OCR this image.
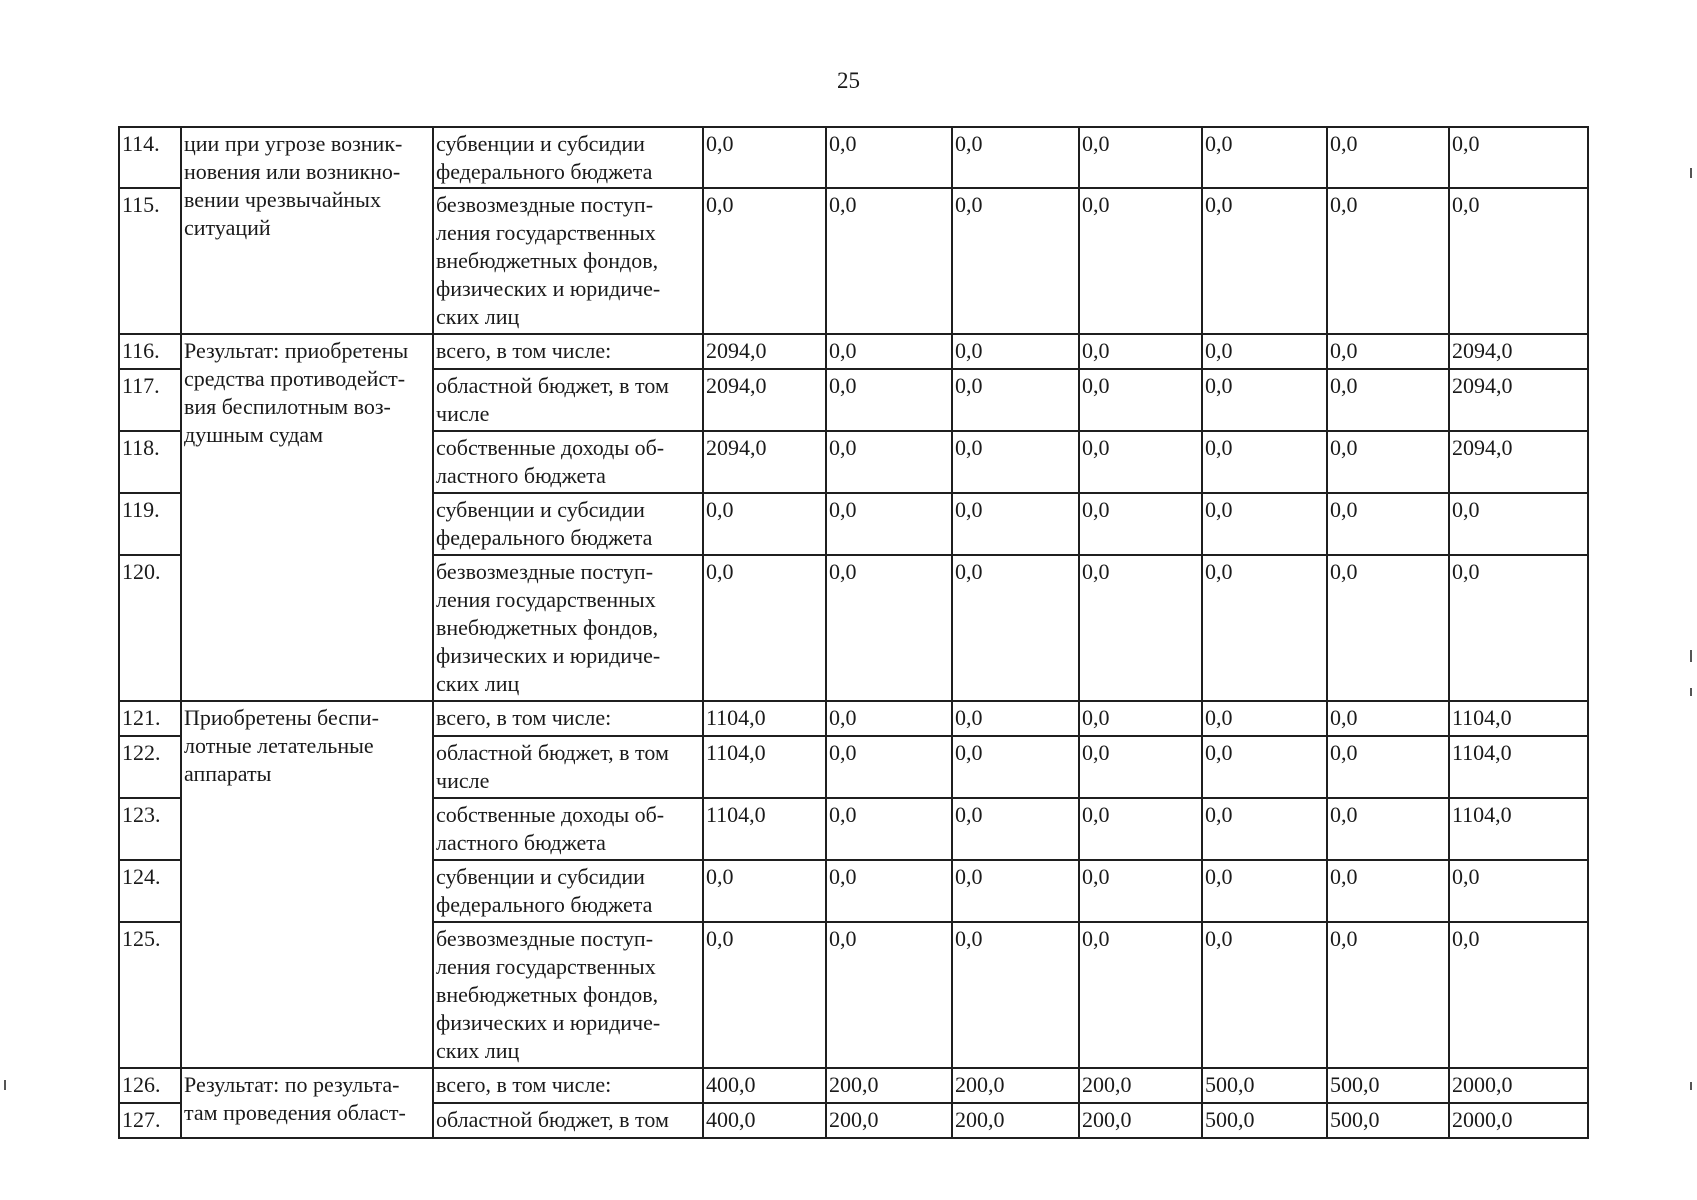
25
114.	ции при угрозе возник-новения или возникно-вении чрезвычайных ситуаций	субвенции и субсидии федерального бюджета	0,0	0,0	0,0	0,0	0,0	0,0	0,0
115.		безвозмездные поступ-ления государственных внебюджетных фондов, физических и юридиче-ских лиц	0,0	0,0	0,0	0,0	0,0	0,0	0,0
116.	Результат: приобретены средства противодейст-вия беспилотным воз-душным судам	всего, в том числе:	2094,0	0,0	0,0	0,0	0,0	0,0	2094,0
117.		областной бюджет, в том числе	2094,0	0,0	0,0	0,0	0,0	0,0	2094,0
118.		собственные доходы об-ластного бюджета	2094,0	0,0	0,0	0,0	0,0	0,0	2094,0
119.		субвенции и субсидии федерального бюджета	0,0	0,0	0,0	0,0	0,0	0,0	0,0
120.		безвозмездные поступ-ления государственных внебюджетных фондов, физических и юридиче-ских лиц	0,0	0,0	0,0	0,0	0,0	0,0	0,0
121.	Приобретены беспи-лотные летательные аппараты	всего, в том числе:	1104,0	0,0	0,0	0,0	0,0	0,0	1104,0
122.		областной бюджет, в том числе	1104,0	0,0	0,0	0,0	0,0	0,0	1104,0
123.		собственные доходы об-ластного бюджета	1104,0	0,0	0,0	0,0	0,0	0,0	1104,0
124.		субвенции и субсидии федерального бюджета	0,0	0,0	0,0	0,0	0,0	0,0	0,0
125.		безвозмездные поступ-ления государственных внебюджетных фондов, физических и юридиче-ских лиц	0,0	0,0	0,0	0,0	0,0	0,0	0,0
126.	Результат: по результа-там проведения област-	всего, в том числе:	400,0	200,0	200,0	200,0	500,0	500,0	2000,0
127.		областной бюджет, в том	400,0	200,0	200,0	200,0	500,0	500,0	2000,0
